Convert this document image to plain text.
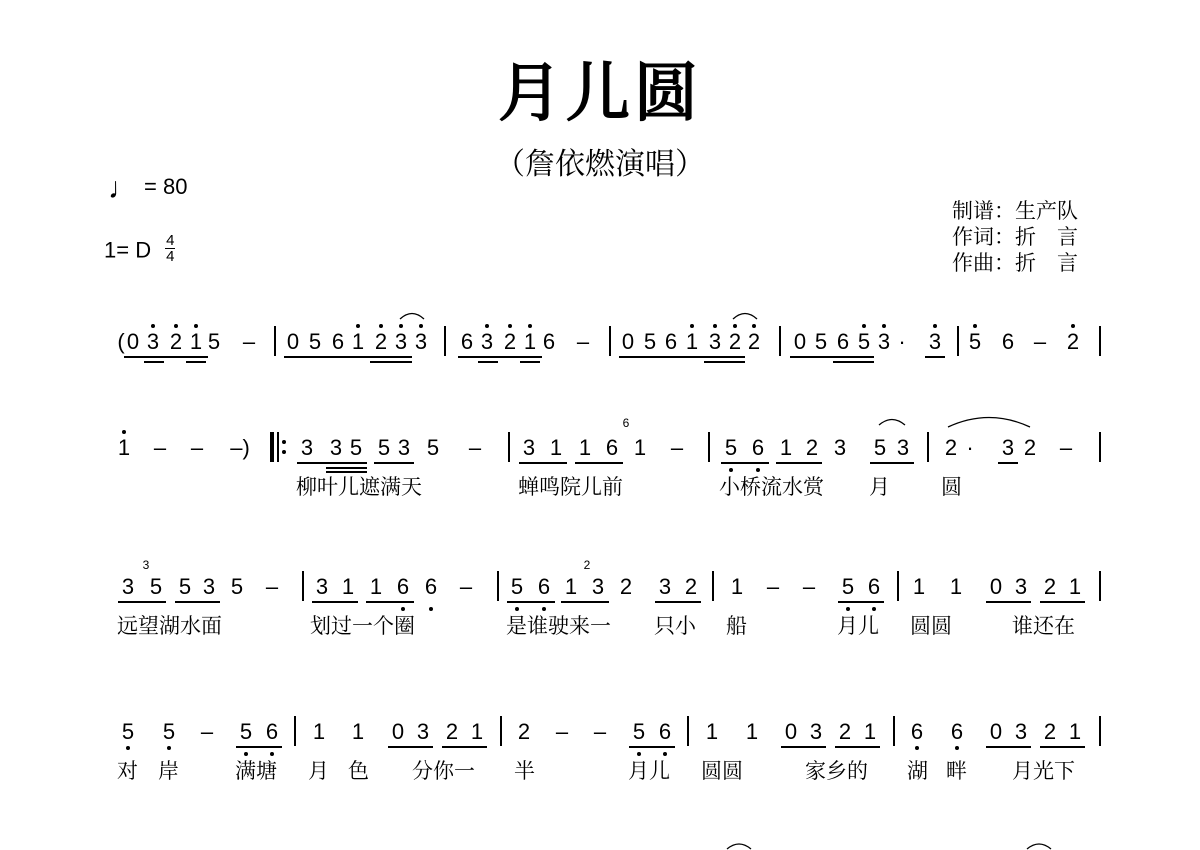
月儿圆
（詹依燃演唱）
♩ = 80
1= D $\frac{4}{4}$
制谱：生产队
作词：折　言
作曲：折　言
( 0 3 2 1 5 – 0 5 6 1 2 3 3 6 3 2 1 6 – 0 5 6 1 3 2 2 0 5 6 5 3 · 3 5 6 – 2
1 – – –) 3 3 5 5 3 5 – 3 1 1 6
6
1 – 5 6 1 2 3 5 3 2 · 3 2 –
柳叶儿遮满天	蝉鸣院儿前	小桥流水赏 月 圆
3
3
5 5 3 5 – 3 1 1 6 6 – 5 6 1
2
3 2 3 2 1 – – 5 6 1 1 0 3 2 1
远望湖水面	划过一个圈	是谁驶来一 只小 船	月儿 圆圆	谁还在
5 5 – 5 6 1 1 0 3 2 1 2 – – 5 6 1 1 0 3 2 1 6 6 0 3 2 1
对 岸	满塘 月 色 分你一 半	月儿 圆圆	家乡的 湖 畔 月光下
